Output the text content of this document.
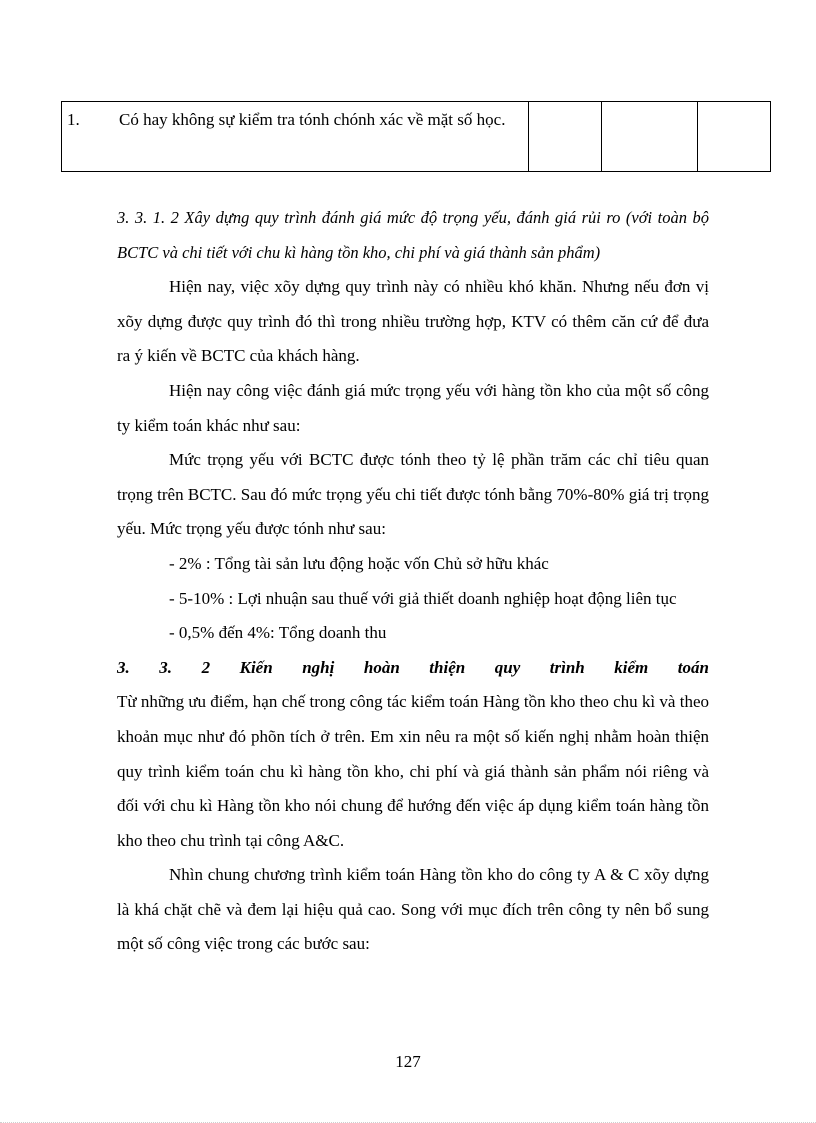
1. Có hay không sự kiểm tra tónh chónh xác về mặt số học.

3. 3. 1. 2 Xây dựng quy trình đánh giá mức độ trọng yếu, đánh giá rủi ro (với toàn bộ BCTC và chi tiết với chu kì hàng tồn kho, chi phí và giá thành sản phẩm)

Hiện nay, việc xõy dựng quy trình này có nhiều khó khăn. Nhưng nếu đơn vị xõy dựng được quy trình đó thì trong nhiều trường hợp, KTV có thêm căn cứ để đưa ra ý kiến về BCTC của khách hàng.

Hiện nay công việc đánh giá mức trọng yếu với hàng tồn kho của một số công ty kiểm toán khác như sau:

Mức trọng yếu với BCTC được tónh theo tỷ lệ phần trăm các chỉ tiêu quan trọng trên BCTC. Sau đó mức trọng yếu chi tiết được tónh bằng 70%-80% giá trị trọng yếu. Mức trọng yếu được tónh như sau:

- 2% : Tổng tài sản lưu động hoặc vốn Chủ sở hữu khác

- 5-10% : Lợi nhuận sau thuế với giả thiết doanh nghiệp hoạt động liên tục

- 0,5% đến 4%: Tổng doanh thu

3. 3. 2 Kiến nghị hoàn thiện quy trình kiểm toán

Từ những ưu điểm, hạn chế trong công tác kiểm toán Hàng tồn kho theo chu kì và theo khoản mục như đó phõn tích ở trên. Em xin nêu ra một số kiến nghị nhằm hoàn thiện quy trình kiểm toán chu kì hàng tồn kho, chi phí và giá thành sản phẩm nói riêng và đối với chu kì Hàng tồn kho nói chung để hướng đến việc áp dụng kiểm toán hàng tồn kho theo chu trình tại công A&C.

Nhìn chung chương trình kiểm toán Hàng tồn kho do công ty A & C xõy dựng là khá chặt chẽ và đem lại hiệu quả cao. Song với mục đích trên công ty nên bổ sung một số công việc trong các bước sau:

127
